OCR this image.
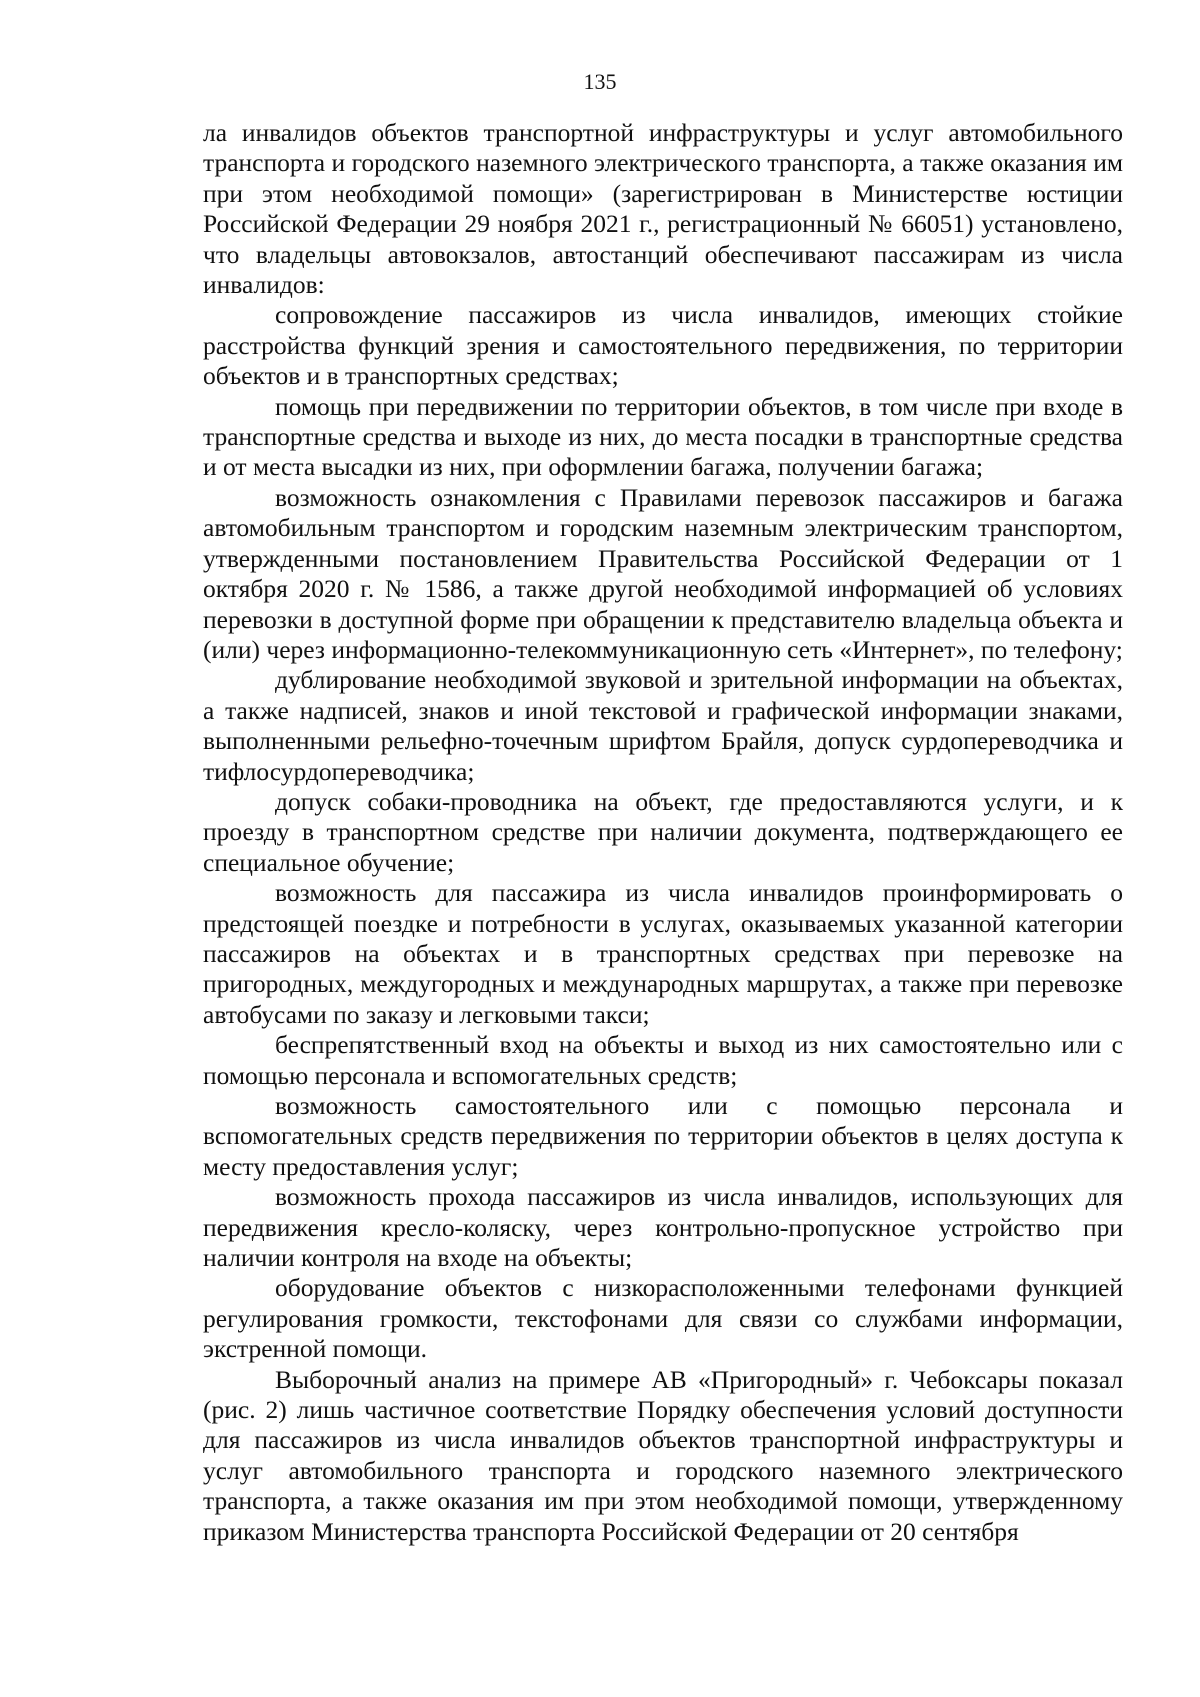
135

ла инвалидов объектов транспортной инфраструктуры и услуг автомобильного транспорта и городского наземного электрического транспорта, а также оказания им при этом необходимой помощи» (зарегистрирован в Министерстве юстиции Российской Федерации 29 ноября 2021 г., регистрационный № 66051) установлено, что владельцы автовокзалов, автостанций обеспечивают пассажирам из числа инвалидов:

сопровождение пассажиров из числа инвалидов, имеющих стойкие расстройства функций зрения и самостоятельного передвижения, по территории объектов и в транспортных средствах;

помощь при передвижении по территории объектов, в том числе при входе в транспортные средства и выходе из них, до места посадки в транспортные средства и от места высадки из них, при оформлении багажа, получении багажа;

возможность ознакомления с Правилами перевозок пассажиров и багажа автомобильным транспортом и городским наземным электрическим транспортом, утвержденными постановлением Правительства Российской Федерации от 1 октября 2020 г. № 1586, а также другой необходимой информацией об условиях перевозки в доступной форме при обращении к представителю владельца объекта и (или) через информационно-телекоммуникационную сеть «Интернет», по телефону;

дублирование необходимой звуковой и зрительной информации на объектах, а также надписей, знаков и иной текстовой и графической информации знаками, выполненными рельефно-точечным шрифтом Брайля, допуск сурдопереводчика и тифлосурдопереводчика;

допуск собаки-проводника на объект, где предоставляются услуги, и к проезду в транспортном средстве при наличии документа, подтверждающего ее специальное обучение;

возможность для пассажира из числа инвалидов проинформировать о предстоящей поездке и потребности в услугах, оказываемых указанной категории пассажиров на объектах и в транспортных средствах при перевозке на пригородных, междугородных и международных маршрутах, а также при перевозке автобусами по заказу и легковыми такси;

беспрепятственный вход на объекты и выход из них самостоятельно или с помощью персонала и вспомогательных средств;

возможность самостоятельного или с помощью персонала и вспомогательных средств передвижения по территории объектов в целях доступа к месту предоставления услуг;

возможность прохода пассажиров из числа инвалидов, использующих для передвижения кресло-коляску, через контрольно-пропускное устройство при наличии контроля на входе на объекты;

оборудование объектов с низкорасположенными телефонами функцией регулирования громкости, текстофонами для связи со службами информации, экстренной помощи.

Выборочный анализ на примере АВ «Пригородный» г. Чебоксары показал (рис. 2) лишь частичное соответствие Порядку обеспечения условий доступности для пассажиров из числа инвалидов объектов транспортной инфраструктуры и услуг автомобильного транспорта и городского наземного электрического транспорта, а также оказания им при этом необходимой помощи, утвержденному приказом Министерства транспорта Российской Федерации от 20 сентября
